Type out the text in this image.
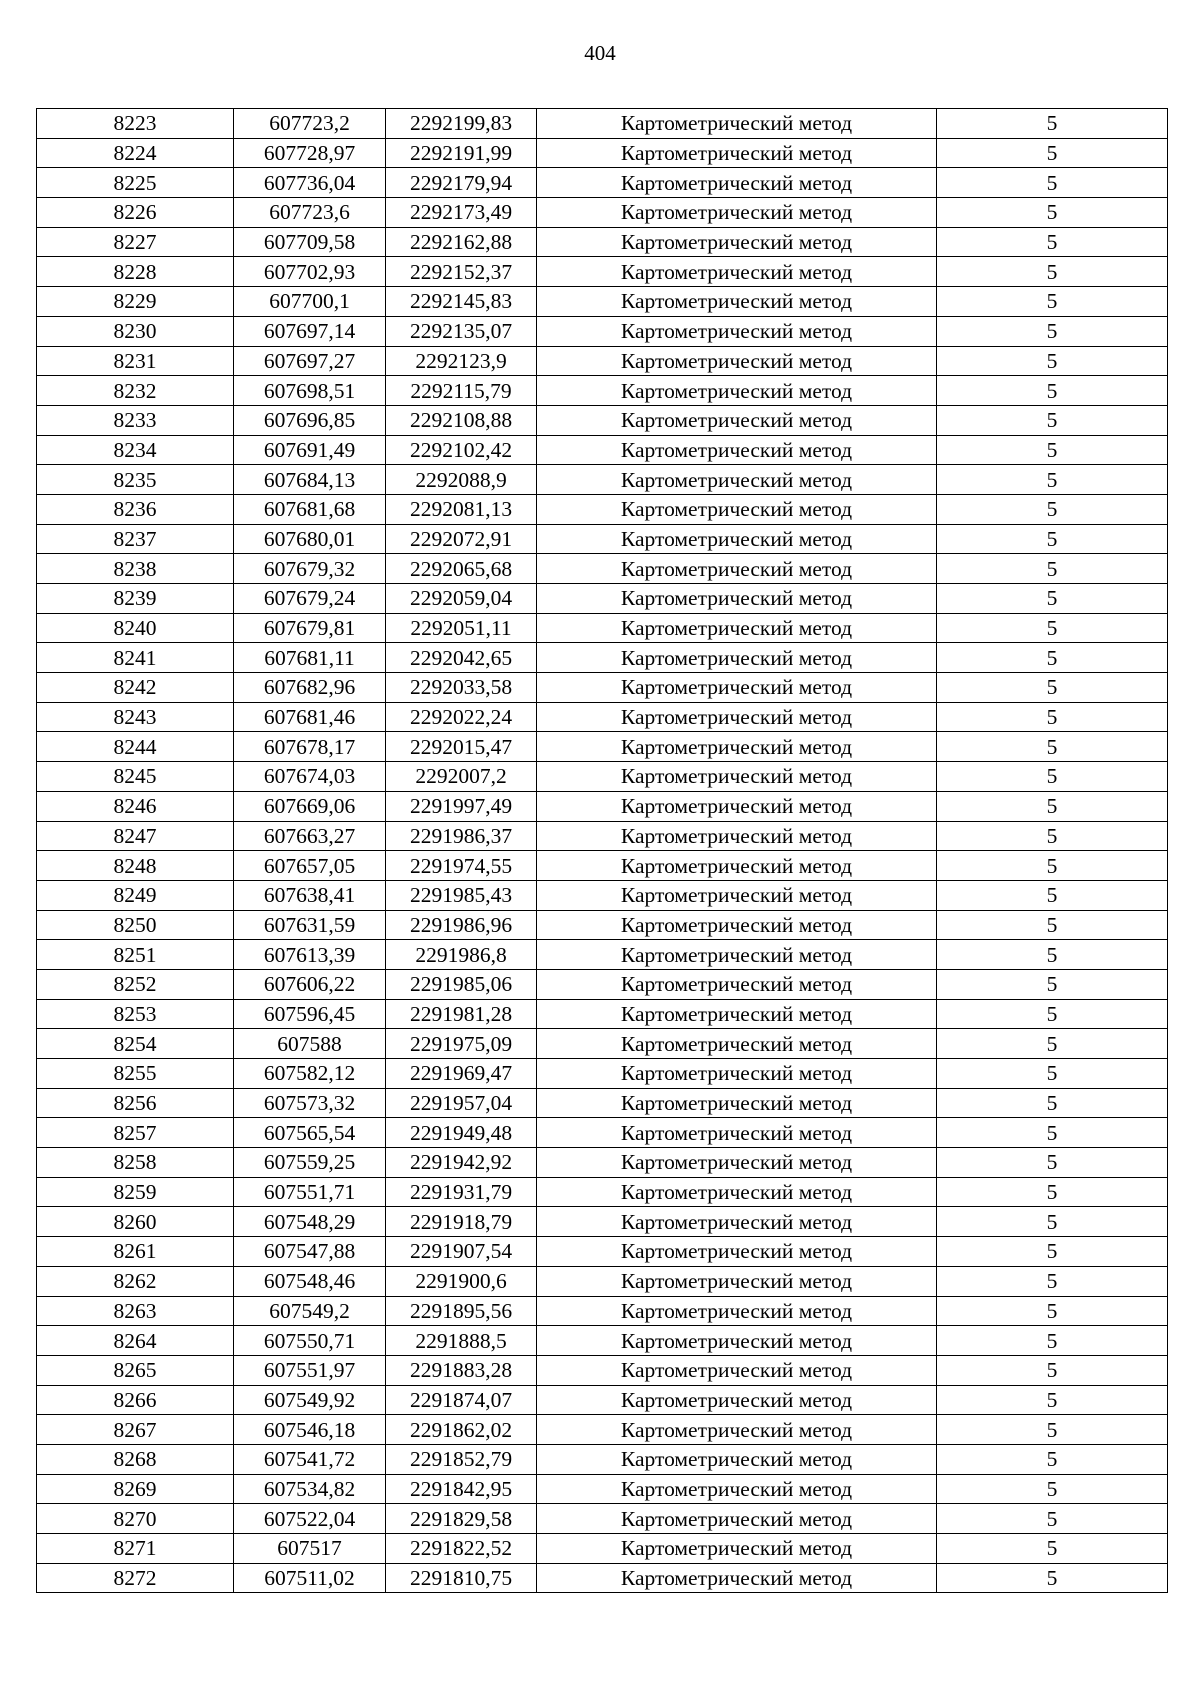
404
8223	607723,2	2292199,83	Картометрический метод	5
8224	607728,97	2292191,99	Картометрический метод	5
8225	607736,04	2292179,94	Картометрический метод	5
8226	607723,6	2292173,49	Картометрический метод	5
8227	607709,58	2292162,88	Картометрический метод	5
8228	607702,93	2292152,37	Картометрический метод	5
8229	607700,1	2292145,83	Картометрический метод	5
8230	607697,14	2292135,07	Картометрический метод	5
8231	607697,27	2292123,9	Картометрический метод	5
8232	607698,51	2292115,79	Картометрический метод	5
8233	607696,85	2292108,88	Картометрический метод	5
8234	607691,49	2292102,42	Картометрический метод	5
8235	607684,13	2292088,9	Картометрический метод	5
8236	607681,68	2292081,13	Картометрический метод	5
8237	607680,01	2292072,91	Картометрический метод	5
8238	607679,32	2292065,68	Картометрический метод	5
8239	607679,24	2292059,04	Картометрический метод	5
8240	607679,81	2292051,11	Картометрический метод	5
8241	607681,11	2292042,65	Картометрический метод	5
8242	607682,96	2292033,58	Картометрический метод	5
8243	607681,46	2292022,24	Картометрический метод	5
8244	607678,17	2292015,47	Картометрический метод	5
8245	607674,03	2292007,2	Картометрический метод	5
8246	607669,06	2291997,49	Картометрический метод	5
8247	607663,27	2291986,37	Картометрический метод	5
8248	607657,05	2291974,55	Картометрический метод	5
8249	607638,41	2291985,43	Картометрический метод	5
8250	607631,59	2291986,96	Картометрический метод	5
8251	607613,39	2291986,8	Картометрический метод	5
8252	607606,22	2291985,06	Картометрический метод	5
8253	607596,45	2291981,28	Картометрический метод	5
8254	607588	2291975,09	Картометрический метод	5
8255	607582,12	2291969,47	Картометрический метод	5
8256	607573,32	2291957,04	Картометрический метод	5
8257	607565,54	2291949,48	Картометрический метод	5
8258	607559,25	2291942,92	Картометрический метод	5
8259	607551,71	2291931,79	Картометрический метод	5
8260	607548,29	2291918,79	Картометрический метод	5
8261	607547,88	2291907,54	Картометрический метод	5
8262	607548,46	2291900,6	Картометрический метод	5
8263	607549,2	2291895,56	Картометрический метод	5
8264	607550,71	2291888,5	Картометрический метод	5
8265	607551,97	2291883,28	Картометрический метод	5
8266	607549,92	2291874,07	Картометрический метод	5
8267	607546,18	2291862,02	Картометрический метод	5
8268	607541,72	2291852,79	Картометрический метод	5
8269	607534,82	2291842,95	Картометрический метод	5
8270	607522,04	2291829,58	Картометрический метод	5
8271	607517	2291822,52	Картометрический метод	5
8272	607511,02	2291810,75	Картометрический метод	5
